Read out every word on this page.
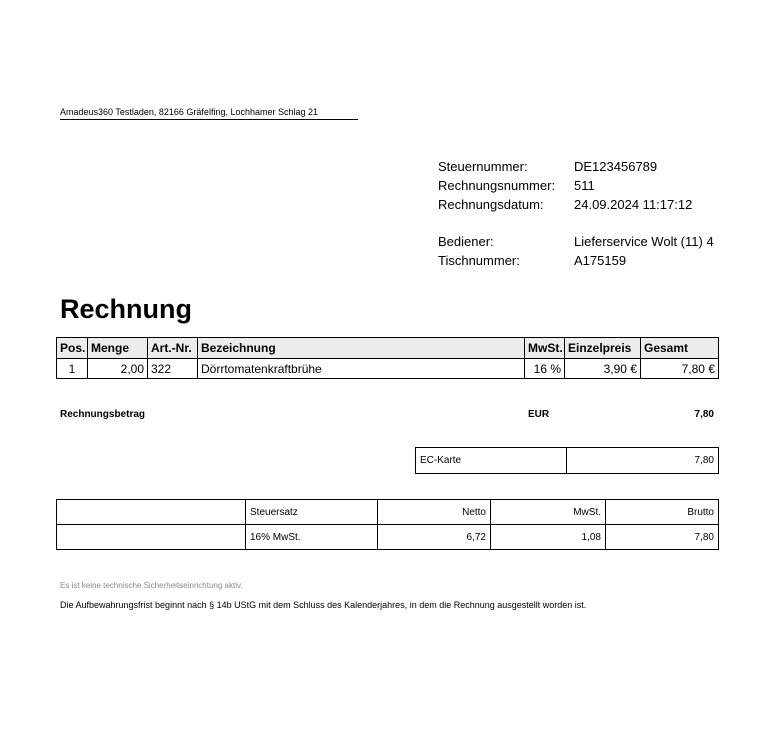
Amadeus360 Testladen, 82166 Gräfelfing, Lochhamer Schlag 21
Steuernummer:	DE123456789
Rechnungsnummer: 511
Rechnungsdatum: 24.09.2024 11:17:12
Bediener:	Lieferservice Wolt (11) 4
Tischnummer:	A175159
Rechnung
Pos.	Menge	Art.-Nr.	Bezeichnung	MwSt.	Einzelpreis	Gesamt
1	2,00	322	Dörrtomatenkraftbrühe	16 %	3,90 €	7,80 €
Rechnungsbetrag	EUR	7,80
EC-Karte	7,80
	Steuersatz	Netto	MwSt.	Brutto
	16% MwSt.	6,72	1,08	7,80
Es ist keine technische Sicherheitseinrichtung aktiv.
Die Aufbewahrungsfrist beginnt nach § 14b UStG mit dem Schluss des Kalenderjahres, in dem die Rechnung ausgestellt worden ist.
